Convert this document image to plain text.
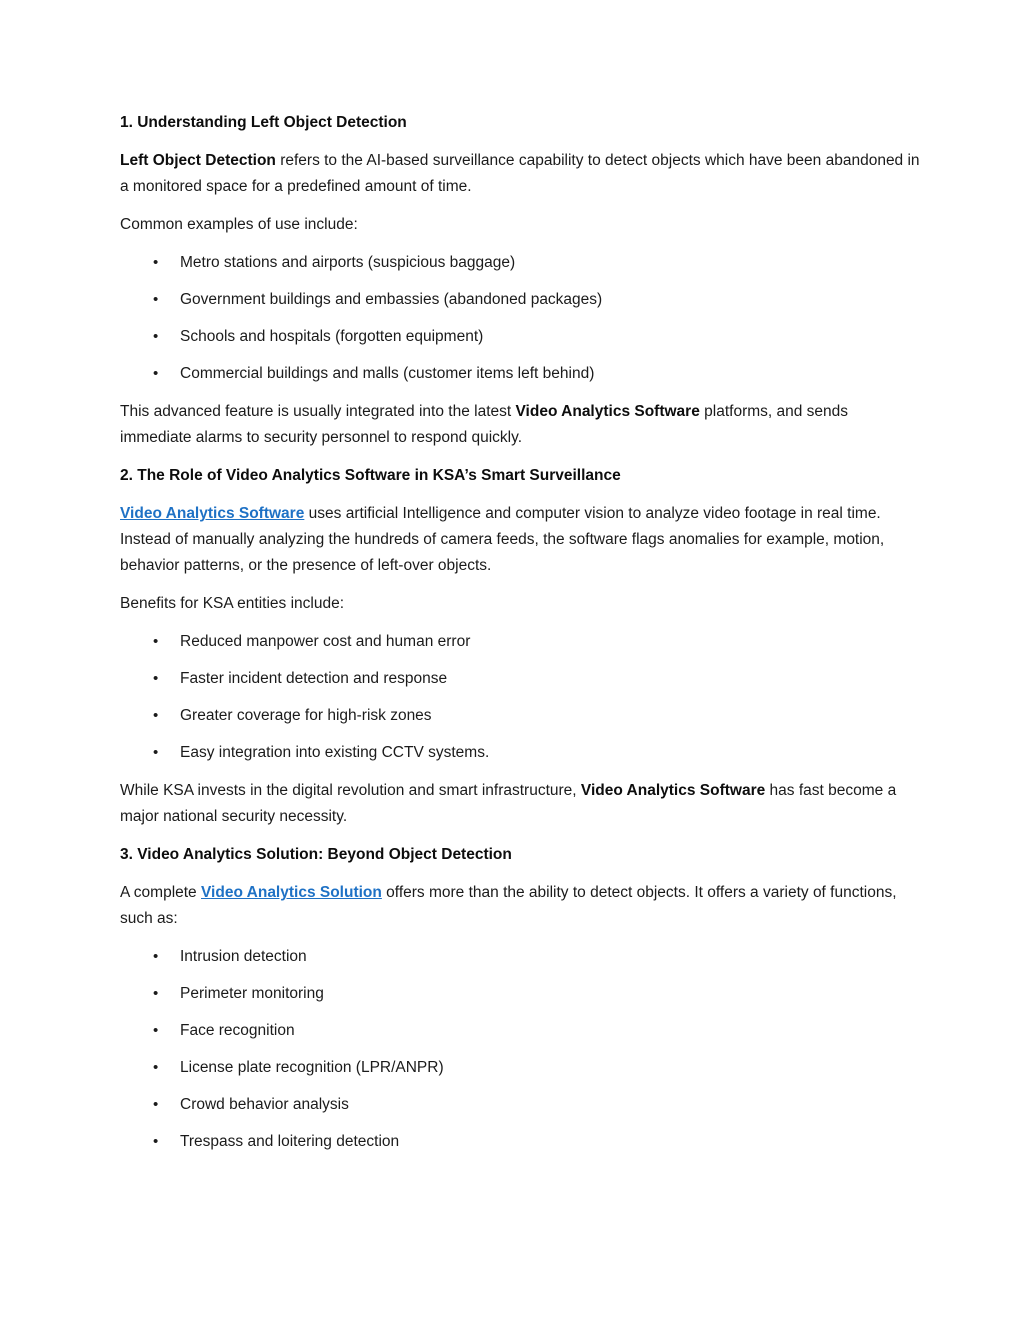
1. Understanding Left Object Detection

Left Object Detection refers to the AI-based surveillance capability to detect objects which have been abandoned in a monitored space for a predefined amount of time.

Common examples of use include:

• Metro stations and airports (suspicious baggage)
• Government buildings and embassies (abandoned packages)
• Schools and hospitals (forgotten equipment)
• Commercial buildings and malls (customer items left behind)

This advanced feature is usually integrated into the latest Video Analytics Software platforms, and sends immediate alarms to security personnel to respond quickly.

2. The Role of Video Analytics Software in KSA’s Smart Surveillance

Video Analytics Software uses artificial Intelligence and computer vision to analyze video footage in real time. Instead of manually analyzing the hundreds of camera feeds, the software flags anomalies for example, motion, behavior patterns, or the presence of left-over objects.

Benefits for KSA entities include:

• Reduced manpower cost and human error
• Faster incident detection and response
• Greater coverage for high-risk zones
• Easy integration into existing CCTV systems.

While KSA invests in the digital revolution and smart infrastructure, Video Analytics Software has fast become a major national security necessity.

3. Video Analytics Solution: Beyond Object Detection

A complete Video Analytics Solution offers more than the ability to detect objects. It offers a variety of functions, such as:

• Intrusion detection
• Perimeter monitoring
• Face recognition
• License plate recognition (LPR/ANPR)
• Crowd behavior analysis
• Trespass and loitering detection
